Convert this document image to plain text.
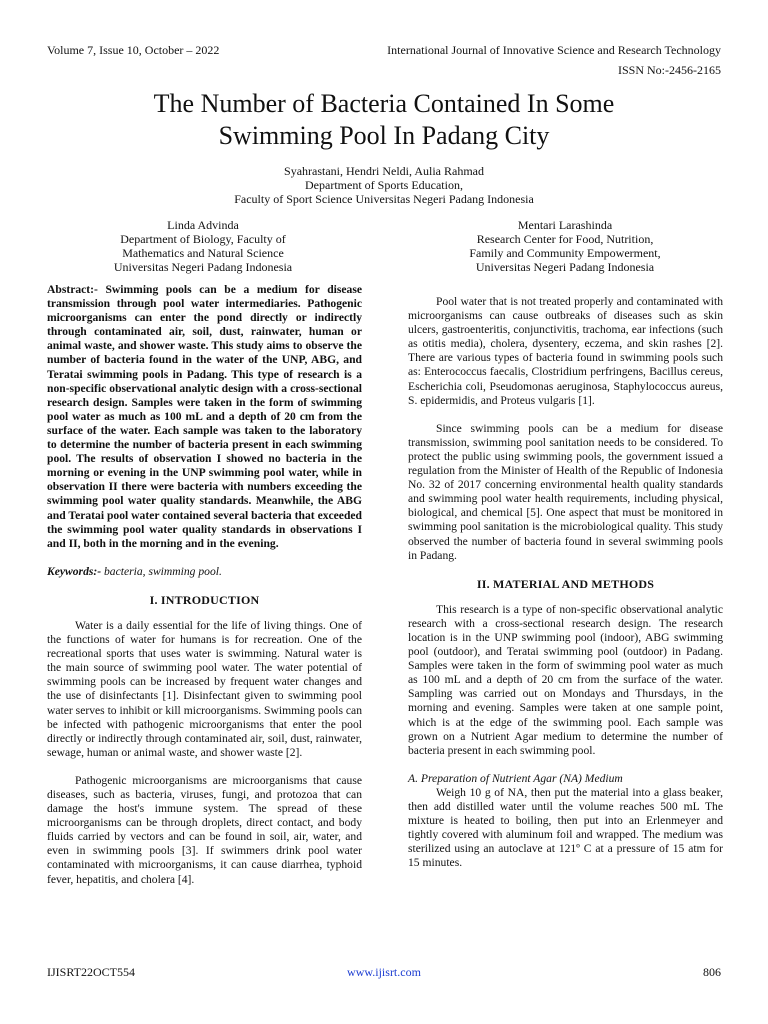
Volume 7, Issue 10, October – 2022	International Journal of Innovative Science and Research Technology
ISSN No:-2456-2165
The Number of Bacteria Contained In Some
Swimming Pool In Padang City
Syahrastani, Hendri Neldi, Aulia Rahmad
Department of Sports Education,
Faculty of Sport Science Universitas Negeri Padang Indonesia
Linda Advinda
Department of Biology, Faculty of
Mathematics and Natural Science
Universitas Negeri Padang Indonesia
Mentari Larashinda
Research Center for Food, Nutrition,
Family and Community Empowerment,
Universitas Negeri Padang Indonesia

Abstract:- Swimming pools can be a medium for disease transmission through pool water intermediaries. Pathogenic microorganisms can enter the pond directly or indirectly through contaminated air, soil, dust, rainwater, human or animal waste, and shower waste. This study aims to observe the number of bacteria found in the water of the UNP, ABG, and Teratai swimming pools in Padang. This type of research is a non-specific observational analytic design with a cross-sectional research design. Samples were taken in the form of swimming pool water as much as 100 mL and a depth of 20 cm from the surface of the water. Each sample was taken to the laboratory to determine the number of bacteria present in each swimming pool. The results of observation I showed no bacteria in the morning or evening in the UNP swimming pool water, while in observation II there were bacteria with numbers exceeding the swimming pool water quality standards. Meanwhile, the ABG and Teratai pool water contained several bacteria that exceeded the swimming pool water quality standards in observations I and II, both in the morning and in the evening.

Keywords:- bacteria, swimming pool.

I. INTRODUCTION

Water is a daily essential for the life of living things. One of the functions of water for humans is for recreation. One of the recreational sports that uses water is swimming. Natural water is the main source of swimming pool water. The water potential of swimming pools can be increased by frequent water changes and the use of disinfectants [1]. Disinfectant given to swimming pool water serves to inhibit or kill microorganisms. Swimming pools can be infected with pathogenic microorganisms that enter the pool directly or indirectly through contaminated air, soil, dust, rainwater, sewage, human or animal waste, and shower waste [2].

Pathogenic microorganisms are microorganisms that cause diseases, such as bacteria, viruses, fungi, and protozoa that can damage the host's immune system. The spread of these microorganisms can be through droplets, direct contact, and body fluids carried by vectors and can be found in soil, air, water, and even in swimming pools [3]. If swimmers drink pool water contaminated with microorganisms, it can cause diarrhea, typhoid fever, hepatitis, and cholera [4].

Pool water that is not treated properly and contaminated with microorganisms can cause outbreaks of diseases such as skin ulcers, gastroenteritis, conjunctivitis, trachoma, ear infections (such as otitis media), cholera, dysentery, eczema, and skin rashes [2]. There are various types of bacteria found in swimming pools such as: Enterococcus faecalis, Clostridium perfringens, Bacillus cereus, Escherichia coli, Pseudomonas aeruginosa, Staphylococcus aureus, S. epidermidis, and Proteus vulgaris [1].

Since swimming pools can be a medium for disease transmission, swimming pool sanitation needs to be considered. To protect the public using swimming pools, the government issued a regulation from the Minister of Health of the Republic of Indonesia No. 32 of 2017 concerning environmental health quality standards and swimming pool water health requirements, including physical, biological, and chemical [5]. One aspect that must be monitored in swimming pool sanitation is the microbiological quality. This study observed the number of bacteria found in several swimming pools in Padang.

II. MATERIAL AND METHODS

This research is a type of non-specific observational analytic research with a cross-sectional research design. The research location is in the UNP swimming pool (indoor), ABG swimming pool (outdoor), and Teratai swimming pool (outdoor) in Padang. Samples were taken in the form of swimming pool water as much as 100 mL and a depth of 20 cm from the surface of the water. Sampling was carried out on Mondays and Thursdays, in the morning and evening. Samples were taken at one sample point, which is at the edge of the swimming pool. Each sample was grown on a Nutrient Agar medium to determine the number of bacteria present in each swimming pool.

A. Preparation of Nutrient Agar (NA) Medium

Weigh 10 g of NA, then put the material into a glass beaker, then add distilled water until the volume reaches 500 mL The mixture is heated to boiling, then put into an Erlenmeyer and tightly covered with aluminum foil and wrapped. The medium was sterilized using an autoclave at 121º C at a pressure of 15 atm for 15 minutes.

IJISRT22OCT554	www.ijisrt.com	806
